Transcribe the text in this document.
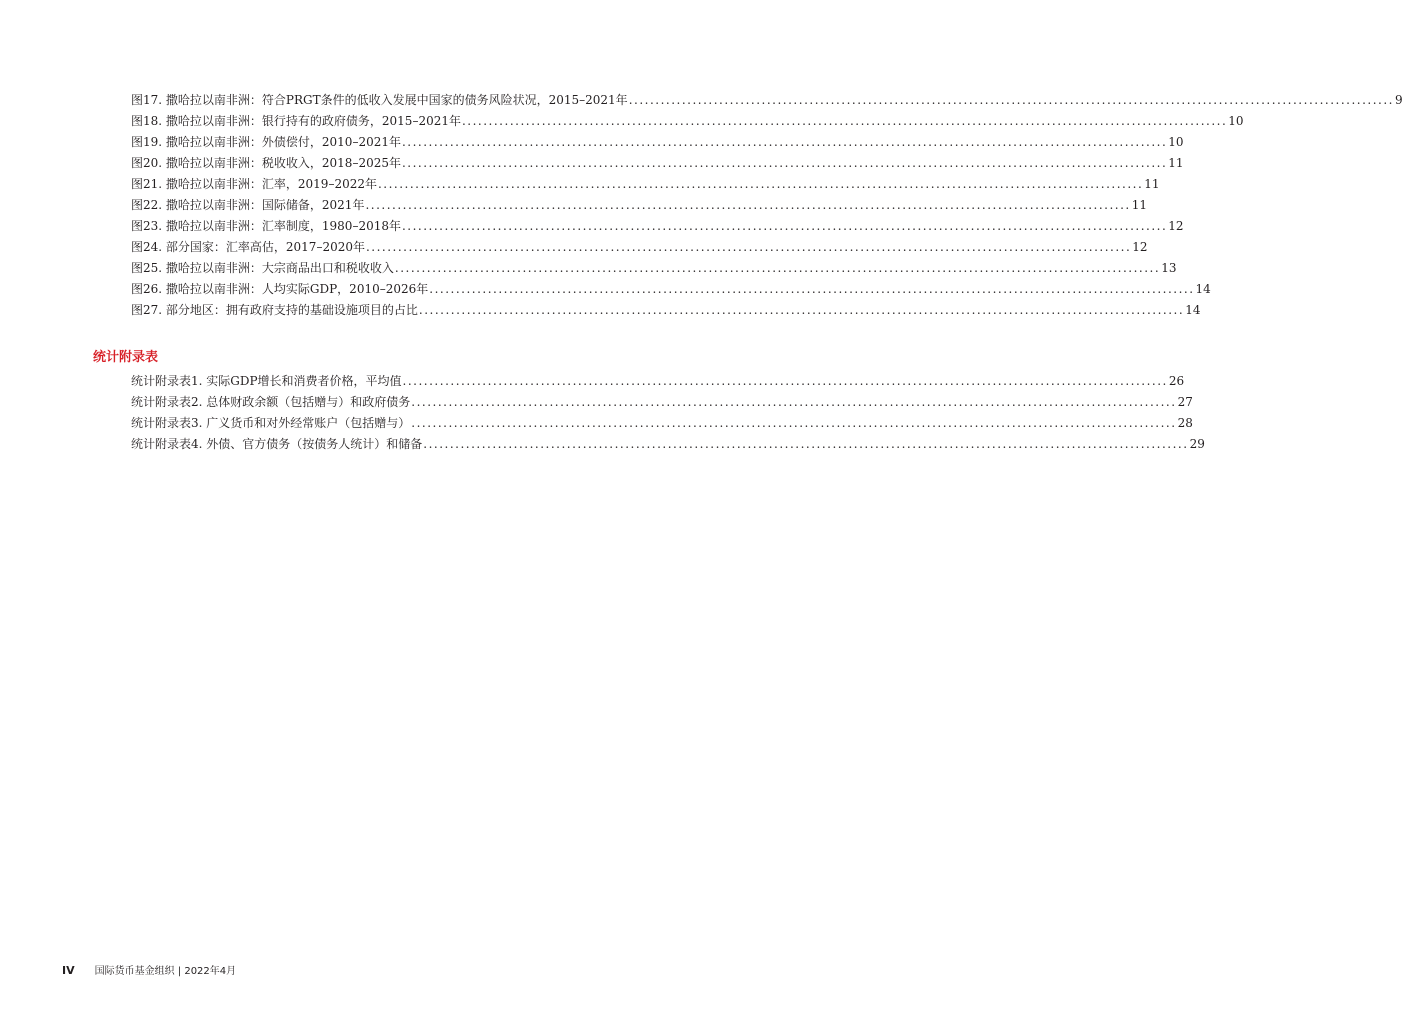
图17. 撒哈拉以南非洲：符合PRGT条件的低收入发展中国家的债务风险状况，2015–2021年 .....	9
图18. 撒哈拉以南非洲：银行持有的政府债务，2015–2021年 .....	10
图19. 撒哈拉以南非洲：外债偿付，2010–2021年 .....	10
图20. 撒哈拉以南非洲：税收收入，2018–2025年 .....	11
图21. 撒哈拉以南非洲：汇率，2019–2022年 .....	11
图22. 撒哈拉以南非洲：国际储备，2021年 .....	11
图23. 撒哈拉以南非洲：汇率制度，1980–2018年 .....	12
图24. 部分国家：汇率高估，2017–2020年 .....	12
图25. 撒哈拉以南非洲：大宗商品出口和税收收入 .....	13
图26. 撒哈拉以南非洲：人均实际GDP，2010–2026年 .....	14
图27. 部分地区：拥有政府支持的基础设施项目的占比 .....	14
统计附录表
统计附录表1. 实际GDP增长和消费者价格，平均值 .....	26
统计附录表2. 总体财政余额（包括赠与）和政府债务 .....	27
统计附录表3. 广义货币和对外经常账户（包括赠与） .....	28
统计附录表4. 外债、官方债务（按债务人统计）和储备 .....	29
IV 国际货币基金组织 | 2022年4月
